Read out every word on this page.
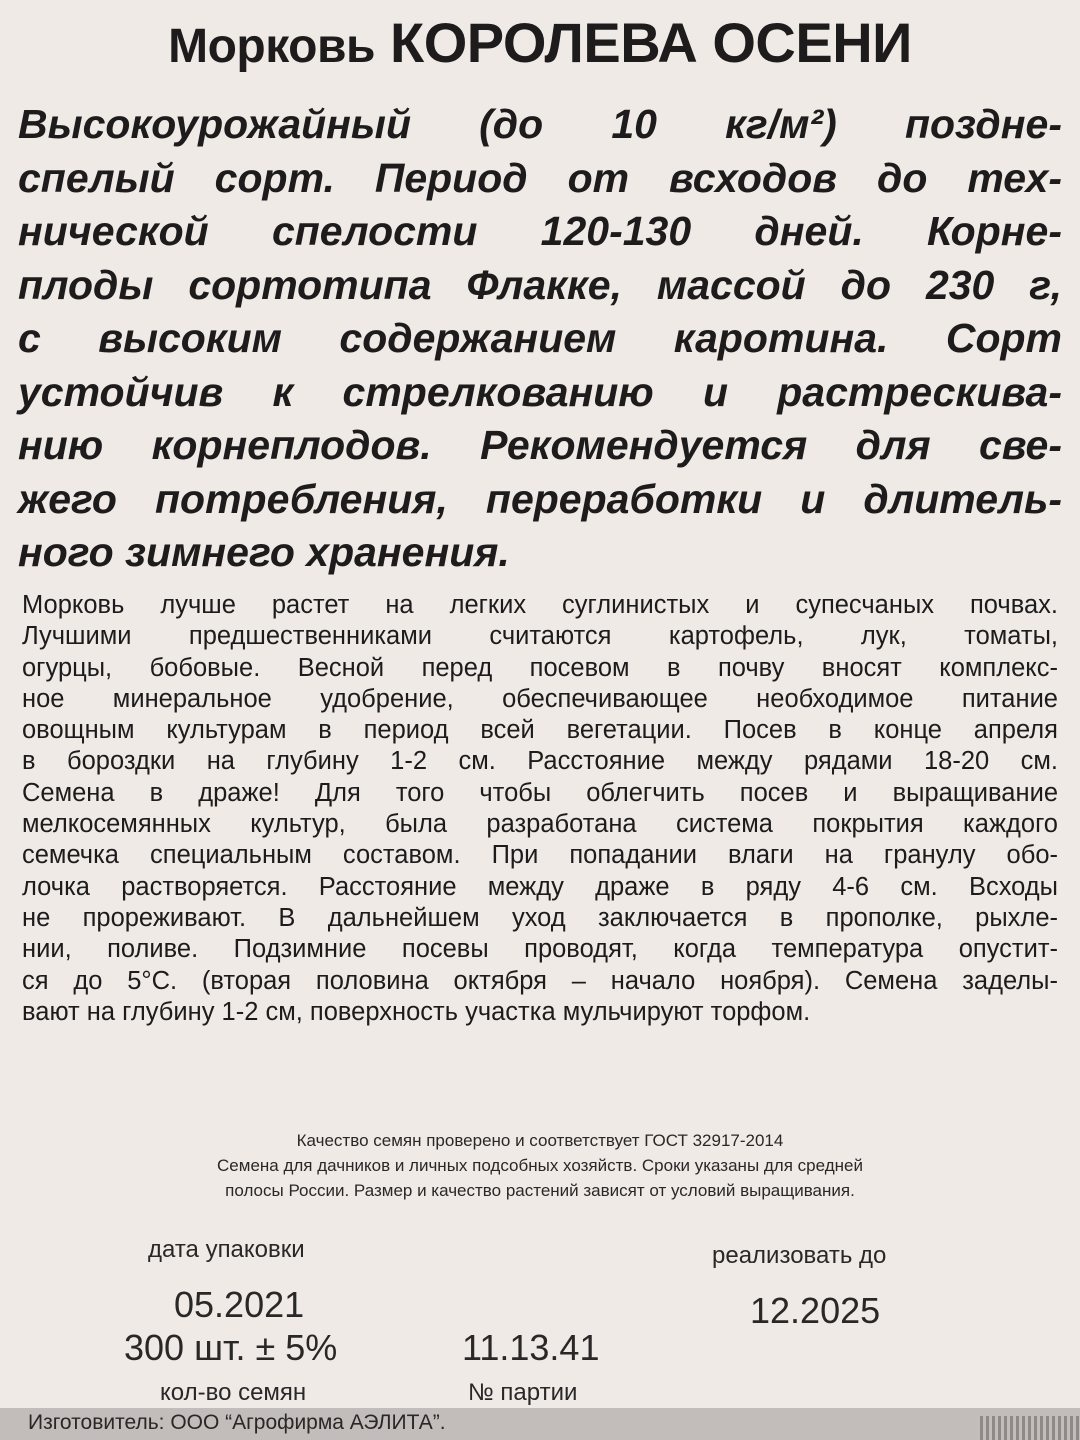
Морковь КОРОЛЕВА ОСЕНИ

Высокоурожайный (до 10 кг/м²) поздне-
спелый сорт. Период от всходов до тех-
нической спелости 120-130 дней. Корне-
плоды сортотипа Флакке, массой до 230 г,
с высоким содержанием каротина. Сорт
устойчив к стрелкованию и растрескива-
нию корнеплодов. Рекомендуется для све-
жего потребления, переработки и длитель-
ного зимнего хранения.

Морковь лучше растет на легких суглинистых и супесчаных почвах.
Лучшими предшественниками считаются картофель, лук, томаты,
огурцы, бобовые. Весной перед посевом в почву вносят комплекс-
ное минеральное удобрение, обеспечивающее необходимое питание
овощным культурам в период всей вегетации. Посев в конце апреля
в бороздки на глубину 1-2 см. Расстояние между рядами 18-20 см.
Семена в драже! Для того чтобы облегчить посев и выращивание
мелкосемянных культур, была разработана система покрытия каждого
семечка специальным составом. При попадании влаги на гранулу обо-
лочка растворяется. Расстояние между драже в ряду 4-6 см. Всходы
не прореживают. В дальнейшем уход заключается в прополке, рыхле-
нии, поливе. Подзимние посевы проводят, когда температура опустит-
ся до 5°С. (вторая половина октября – начало ноября). Семена заделы-
вают на глубину 1-2 см, поверхность участка мульчируют торфом.

Качество семян проверено и соответствует ГОСТ 32917-2014
Семена для дачников и личных подсобных хозяйств. Сроки указаны для средней
полосы России. Размер и качество растений зависят от условий выращивания.

дата упаковки
05.2021
300 шт. ± 5%
кол-во семян
11.13.41
№ партии
реализовать до
12.2025
Изготовитель: ООО “Агрофирма АЭЛИТА”.
